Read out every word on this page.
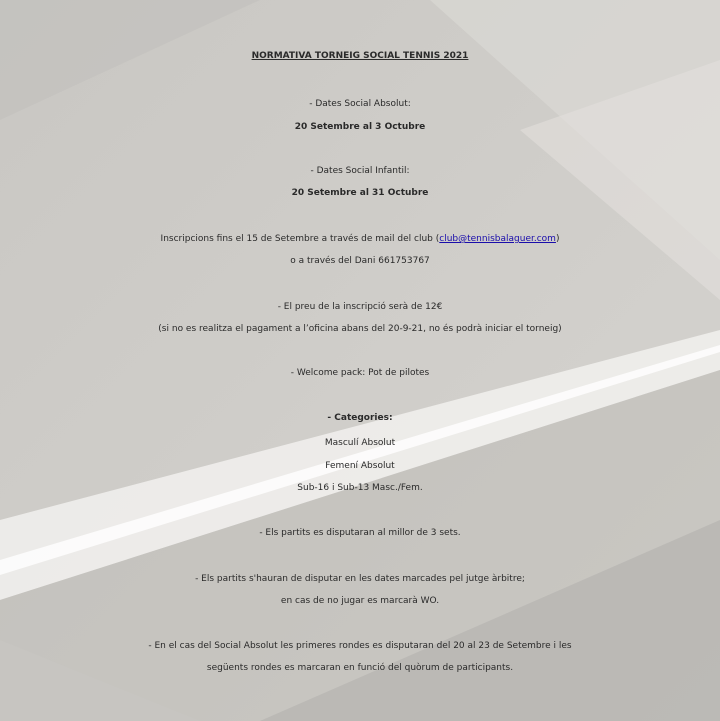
NORMATIVA TORNEIG SOCIAL TENNIS 2021
- Dates Social Absolut:
20 Setembre al 3 Octubre
- Dates Social Infantil:
20 Setembre al 31 Octubre
Inscripcions fins el 15 de Setembre a través de mail del club (club@tennisbalaguer.com)
o a través del Dani 661753767
- El preu de la inscripció serà de 12€
(si no es realitza el pagament a l’oficina abans del 20-9-21, no és podrà iniciar el torneig)
- Welcome pack: Pot de pilotes
- Categories:
Masculí Absolut
Femení Absolut
Sub-16 i Sub-13 Masc./Fem.
- Els partits es disputaran al millor de 3 sets.
- Els partits s'hauran de disputar en les dates marcades pel jutge àrbitre;
en cas de no jugar es marcarà WO.
- En el cas del Social Absolut les primeres rondes es disputaran del 20 al 23 de Setembre i les
següents rondes es marcaran en funció del quòrum de participants.
